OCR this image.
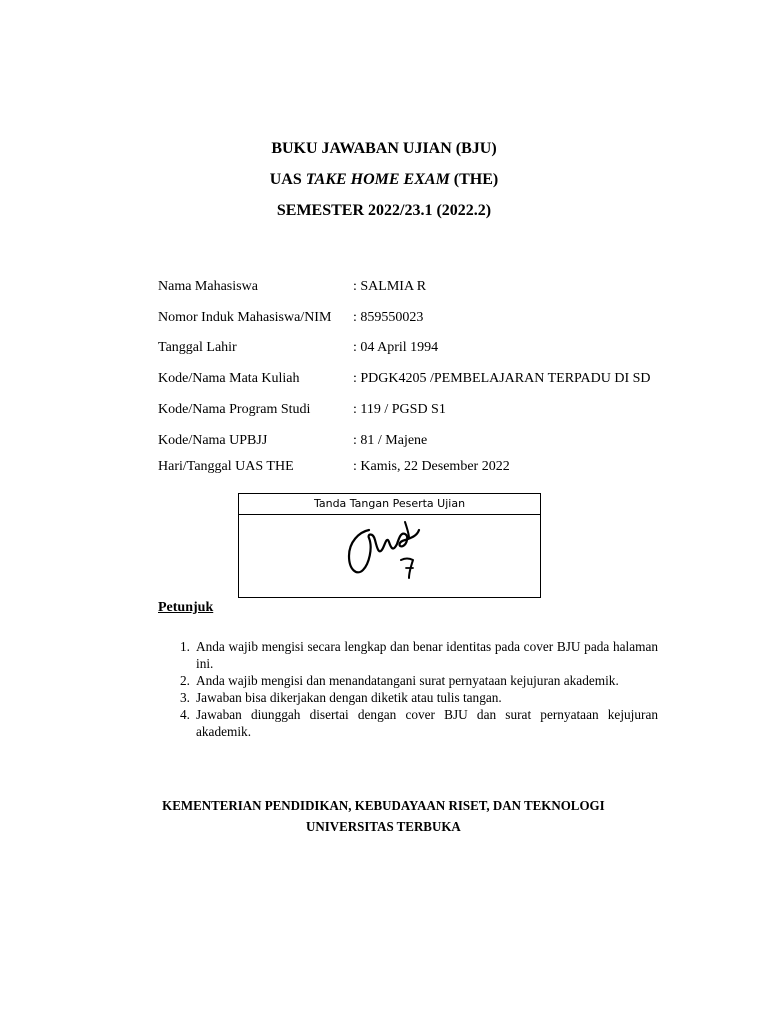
BUKU JAWABAN UJIAN (BJU)
UAS TAKE HOME EXAM (THE)
SEMESTER 2022/23.1 (2022.2)
Nama Mahasiswa	: SALMIA R
Nomor Induk Mahasiswa/NIM : 859550023
Tanggal Lahir	: 04 April 1994
Kode/Nama Mata Kuliah	: PDGK4205 /PEMBELAJARAN TERPADU DI SD
Kode/Nama Program Studi	: 119 / PGSD S1
Kode/Nama UPBJJ	: 81 / Majene
Hari/Tanggal UAS THE	: Kamis, 22 Desember 2022
Tanda Tangan Peserta Ujian
Petunjuk
1. Anda wajib mengisi secara lengkap dan benar identitas pada cover BJU pada halaman ini.
2. Anda wajib mengisi dan menandatangani surat pernyataan kejujuran akademik.
3. Jawaban bisa dikerjakan dengan diketik atau tulis tangan.
4. Jawaban diunggah disertai dengan cover BJU dan surat pernyataan kejujuran akademik.
KEMENTERIAN PENDIDIKAN, KEBUDAYAAN RISET, DAN TEKNOLOGI
UNIVERSITAS TERBUKA
